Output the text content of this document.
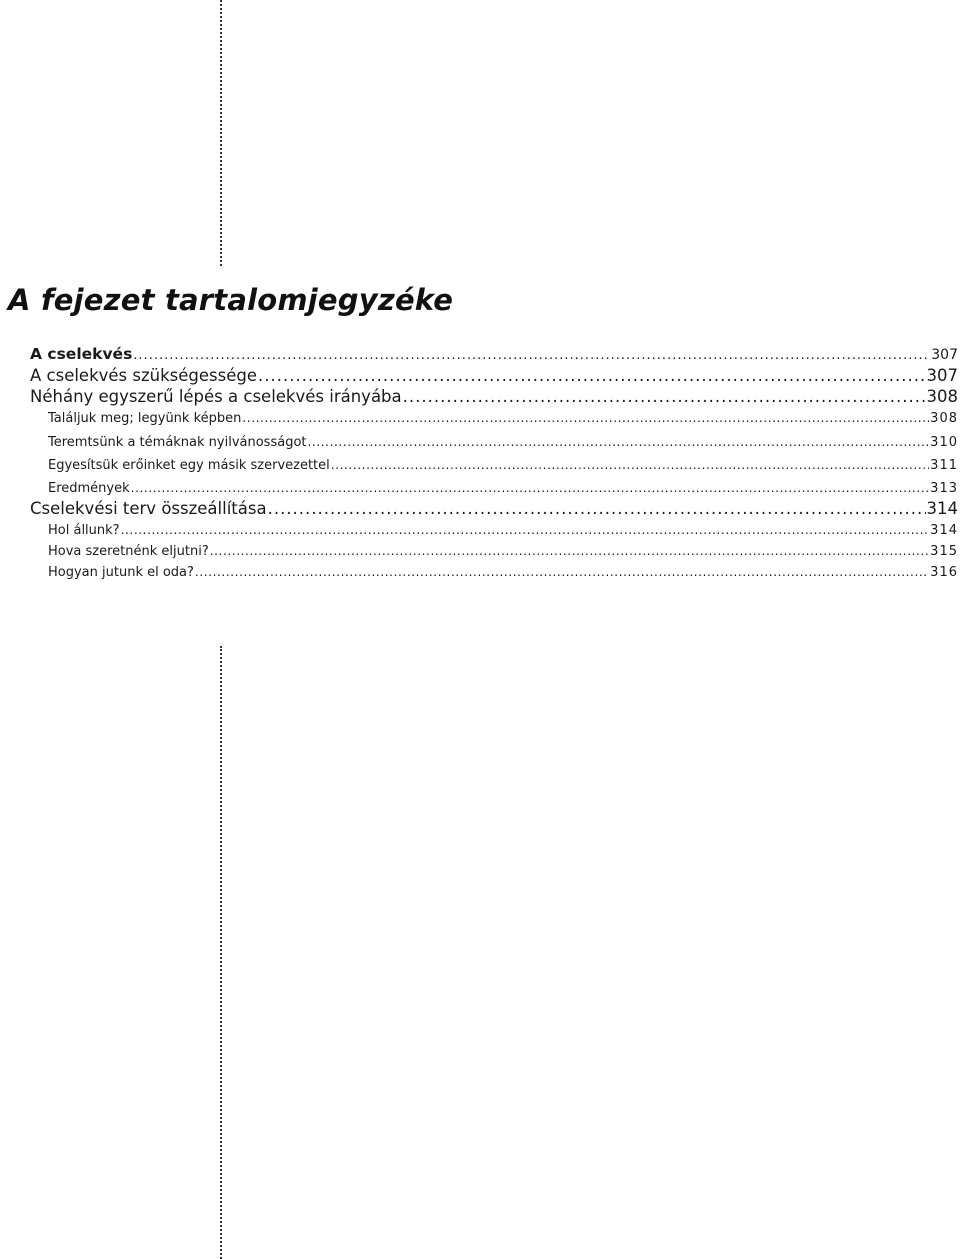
A fejezet tartalomjegyzéke
A cselekvés .....	307
A cselekvés szükségessége .....	307
Néhány egyszerű lépés a cselekvés irányába .....	308
Találjuk meg; legyünk képben .....	308
Teremtsünk a témáknak nyilvánosságot .....	310
Egyesítsük erőinket egy másik szervezettel .....	311
Eredmények .....	313
Cselekvési terv összeállítása .....	314
Hol állunk? .....	314
Hova szeretnénk eljutni? .....	315
Hogyan jutunk el oda? .....	316
